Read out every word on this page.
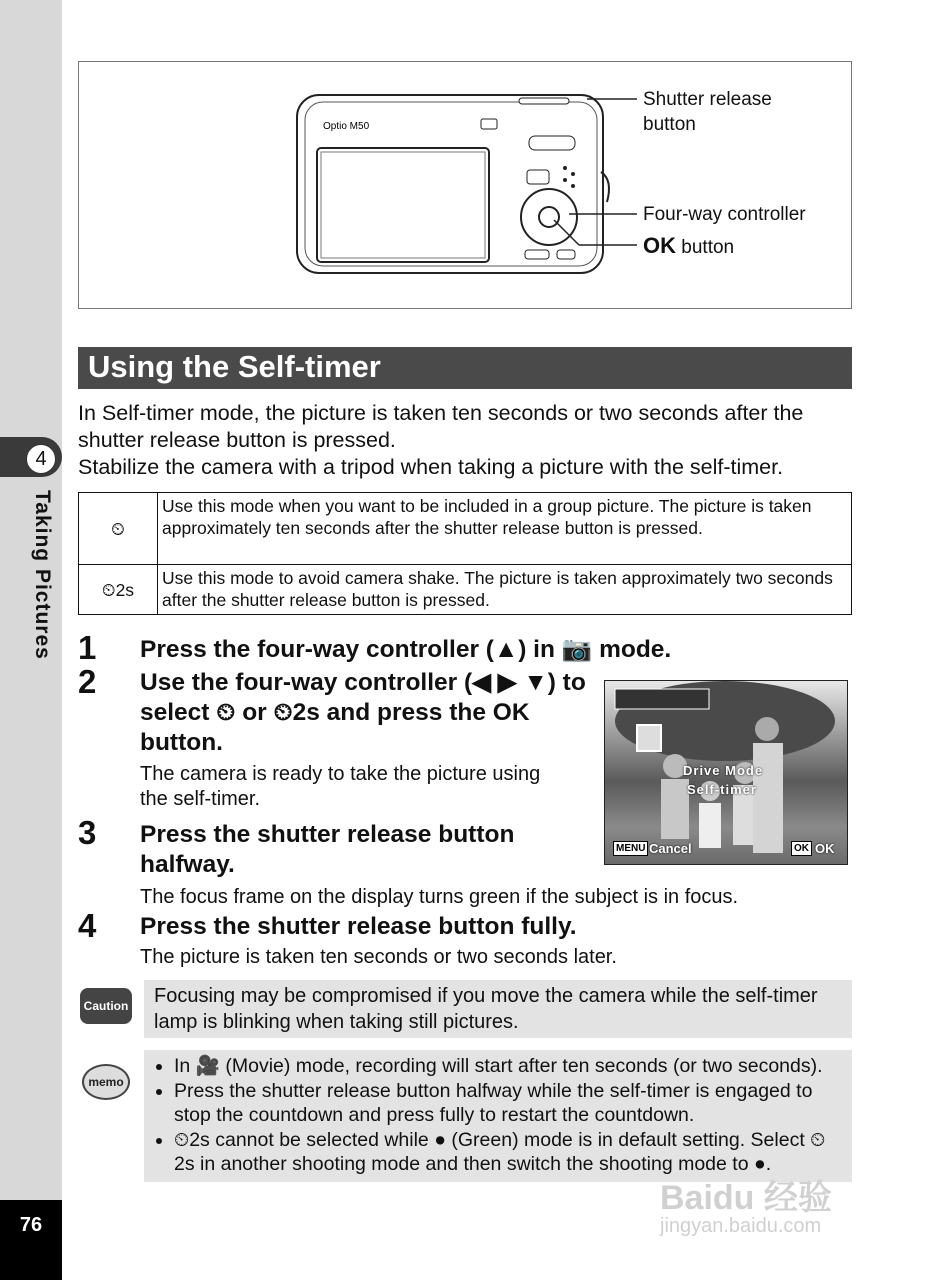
4
Taking Pictures
76
Optio M50
Shutter release button
Four-way controller
OK button
Using the Self-timer
In Self-timer mode, the picture is taken ten seconds or two seconds after the shutter release button is pressed.
Stabilize the camera with a tripod when taking a picture with the self-timer.
⏲	Use this mode when you want to be included in a group picture. The picture is taken approximately ten seconds after the shutter release button is pressed.
⏲2s	Use this mode to avoid camera shake. The picture is taken approximately two seconds after the shutter release button is pressed.
1 Press the four-way controller (▲) in 📷 mode.
2 Use the four-way controller (◀ ▶ ▼) to select ⏲ or ⏲2s and press the OK button.
The camera is ready to take the picture using the self-timer.
Drive Mode
Self-timer
MENU Cancel	OK OK
3 Press the shutter release button halfway.
The focus frame on the display turns green if the subject is in focus.
4 Press the shutter release button fully.
The picture is taken ten seconds or two seconds later.
Caution	Focusing may be compromised if you move the camera while the self-timer lamp is blinking when taking still pictures.
memo
• In 🎥 (Movie) mode, recording will start after ten seconds (or two seconds).
• Press the shutter release button halfway while the self-timer is engaged to stop the countdown and press fully to restart the countdown.
• ⏲2s cannot be selected while ● (Green) mode is in default setting. Select ⏲2s in another shooting mode and then switch the shooting mode to ●.
Baidu 经验
jingyan.baidu.com
